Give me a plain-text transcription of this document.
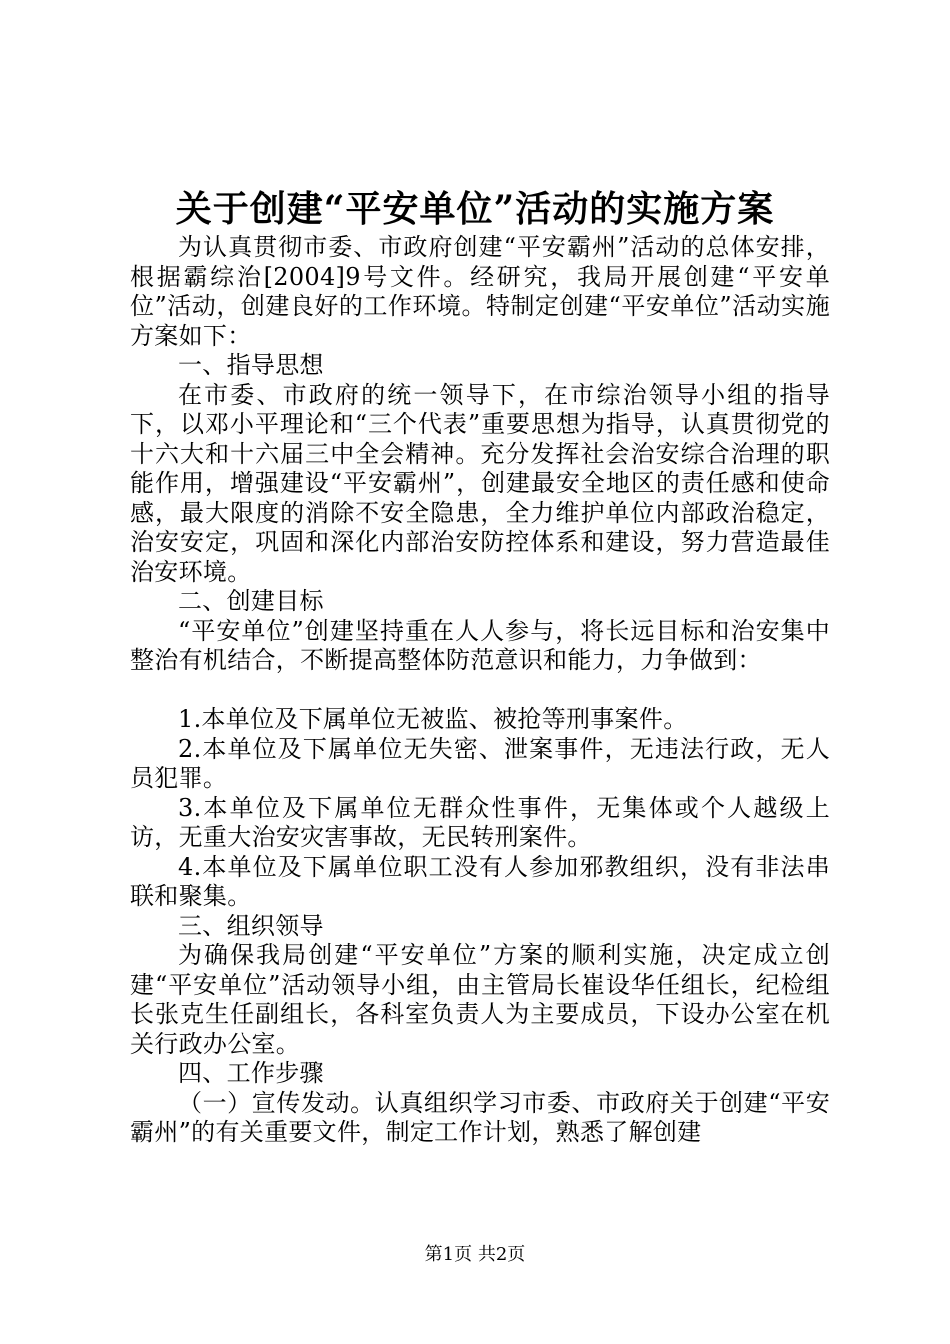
关于创建“平安单位”活动的实施方案

为认真贯彻市委、市政府创建“平安霸州”活动的总体安排，根据霸综治[2004]9号文件。经研究，我局开展创建“平安单位”活动，创建良好的工作环境。特制定创建“平安单位”活动实施方案如下：

一、指导思想

在市委、市政府的统一领导下，在市综治领导小组的指导下，以邓小平理论和“三个代表”重要思想为指导，认真贯彻党的十六大和十六届三中全会精神。充分发挥社会治安综合治理的职能作用，增强建设“平安霸州”，创建最安全地区的责任感和使命感，最大限度的消除不安全隐患，全力维护单位内部政治稳定，治安安定，巩固和深化内部治安防控体系和建设，努力营造最佳治安环境。

二、创建目标

“平安单位”创建坚持重在人人参与，将长远目标和治安集中整治有机结合，不断提高整体防范意识和能力，力争做到：

1.本单位及下属单位无被监、被抢等刑事案件。

2.本单位及下属单位无失密、泄案事件，无违法行政，无人员犯罪。

3.本单位及下属单位无群众性事件，无集体或个人越级上访，无重大治安灾害事故，无民转刑案件。

4.本单位及下属单位职工没有人参加邪教组织，没有非法串联和聚集。

三、组织领导

为确保我局创建“平安单位”方案的顺利实施，决定成立创建“平安单位”活动领导小组，由主管局长崔设华任组长，纪检组长张克生任副组长，各科室负责人为主要成员，下设办公室在机关行政办公室。

四、工作步骤

（一）宣传发动。认真组织学习市委、市政府关于创建“平安霸州”的有关重要文件，制定工作计划，熟悉了解创建

第1页 共2页
